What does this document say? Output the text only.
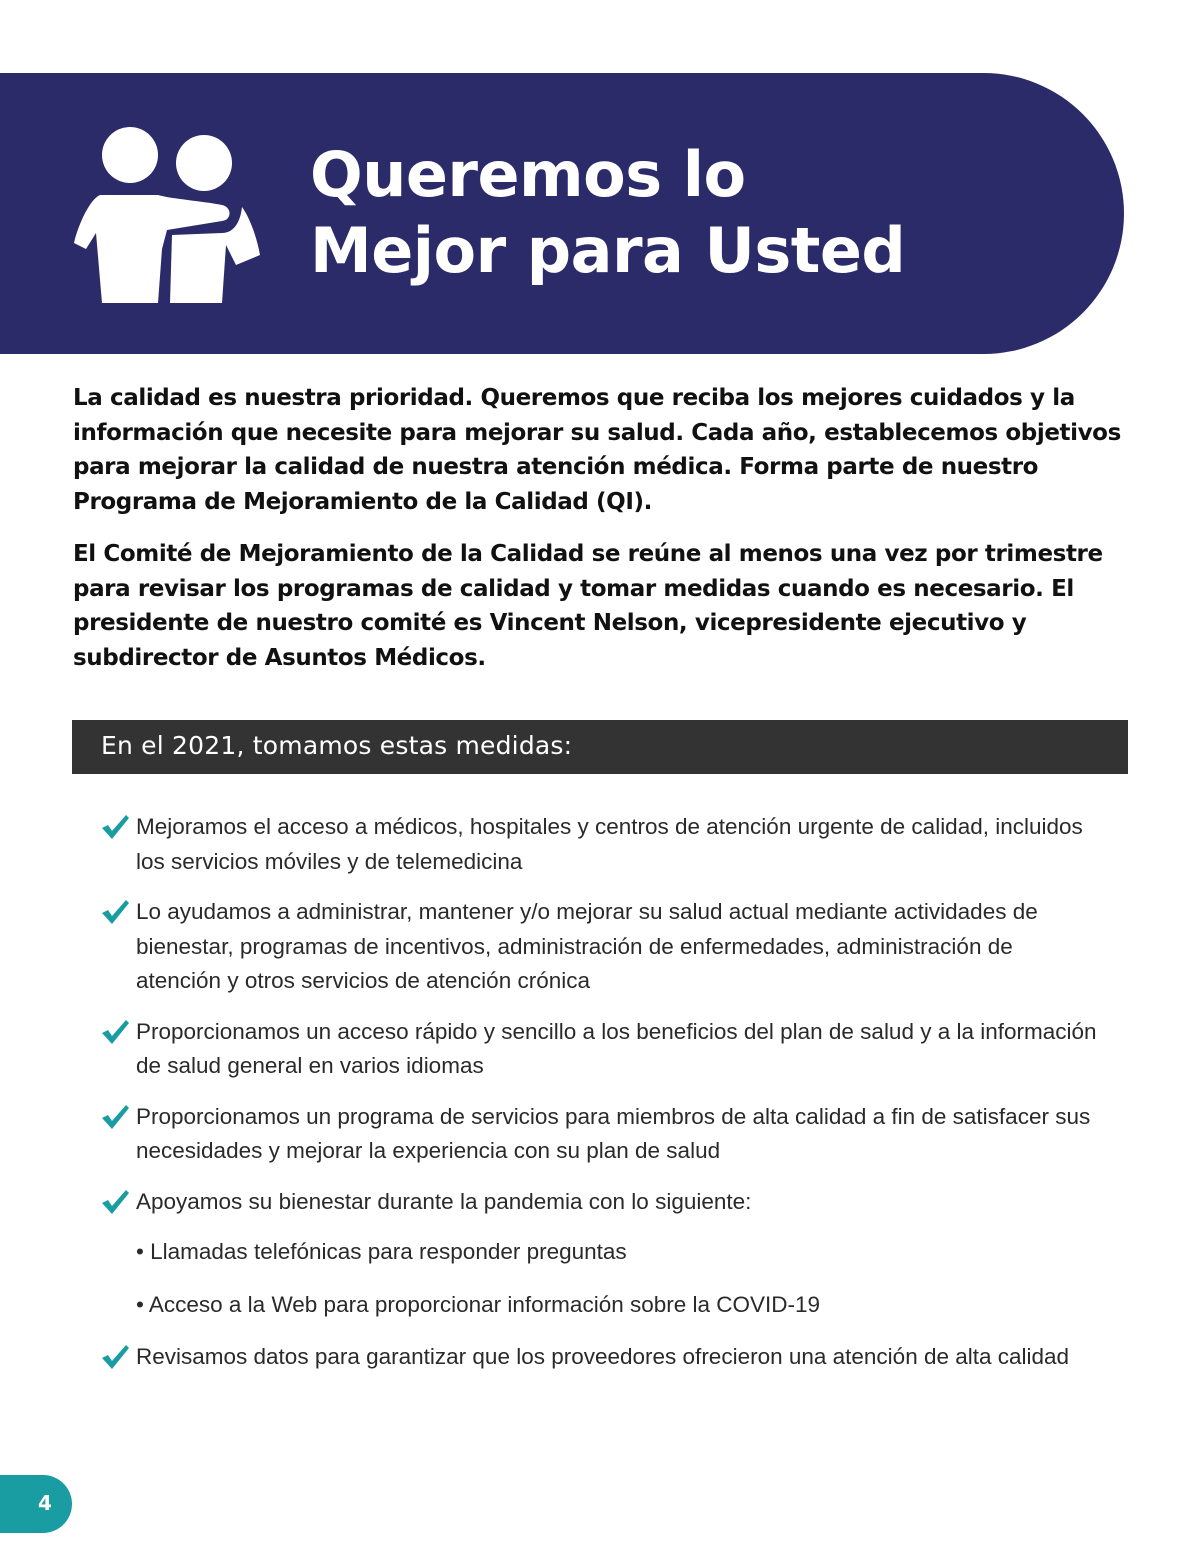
Queremos lo
Mejor para Usted

La calidad es nuestra prioridad. Queremos que reciba los mejores cuidados y la información que necesite para mejorar su salud. Cada año, establecemos objetivos para mejorar la calidad de nuestra atención médica. Forma parte de nuestro Programa de Mejoramiento de la Calidad (QI).

El Comité de Mejoramiento de la Calidad se reúne al menos una vez por trimestre para revisar los programas de calidad y tomar medidas cuando es necesario. El presidente de nuestro comité es Vincent Nelson, vicepresidente ejecutivo y subdirector de Asuntos Médicos.

En el 2021, tomamos estas medidas:
Mejoramos el acceso a médicos, hospitales y centros de atención urgente de calidad, incluidos los servicios móviles y de telemedicina
Lo ayudamos a administrar, mantener y/o mejorar su salud actual mediante actividades de bienestar, programas de incentivos, administración de enfermedades, administración de atención y otros servicios de atención crónica
Proporcionamos un acceso rápido y sencillo a los beneficios del plan de salud y a la información de salud general en varios idiomas
Proporcionamos un programa de servicios para miembros de alta calidad a fin de satisfacer sus necesidades y mejorar la experiencia con su plan de salud
Apoyamos su bienestar durante la pandemia con lo siguiente:
• Llamadas telefónicas para responder preguntas
• Acceso a la Web para proporcionar información sobre la COVID-19
Revisamos datos para garantizar que los proveedores ofrecieron una atención de alta calidad
4
